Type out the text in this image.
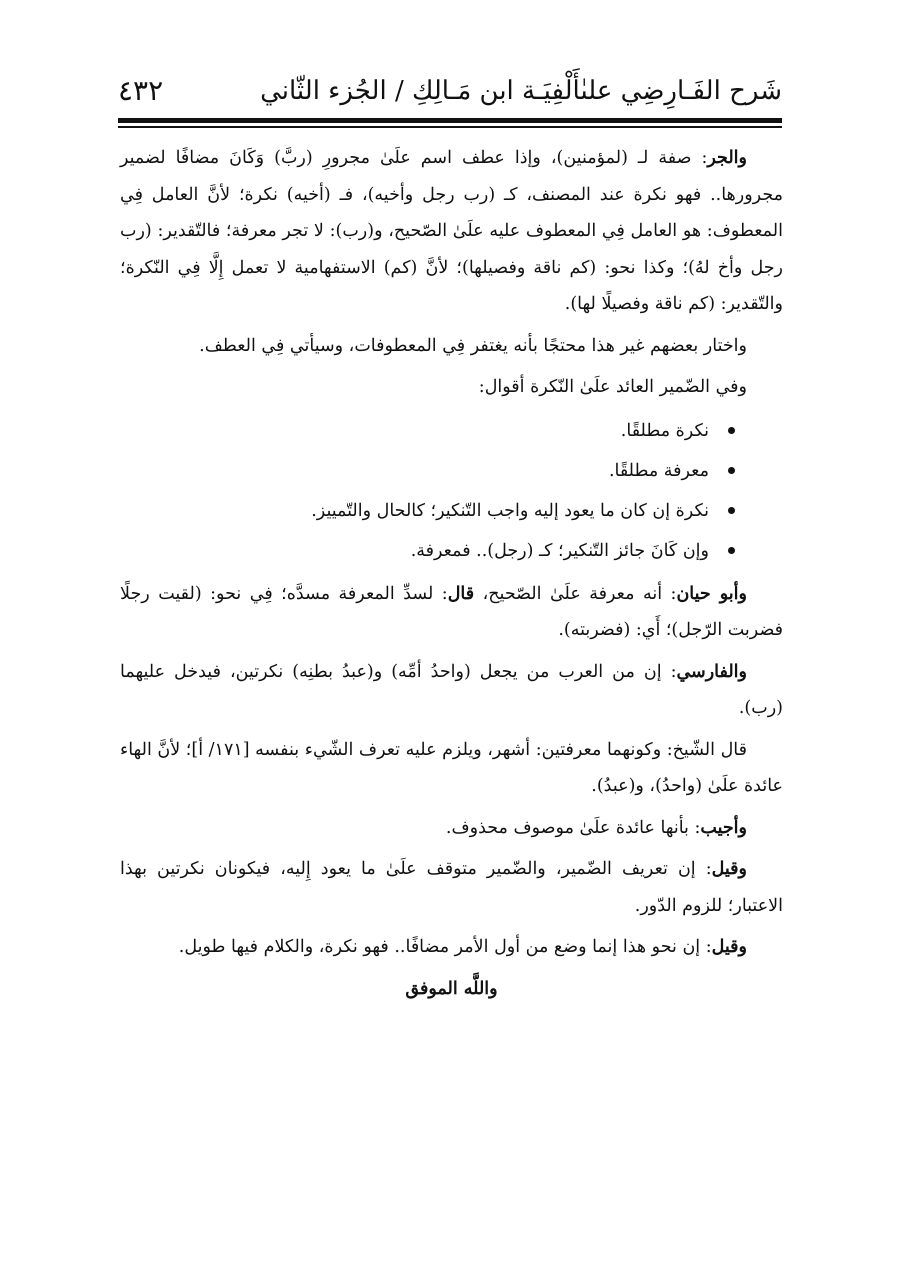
شَرح الفَـارِضِي علىٰأَلْفِيَـة ابن مَـالِكِ / الجُزء الثّاني
٤٣٢

والجر: صفة لـ (لمؤمنين)، وإذا عطف اسم علَىٰ مجرورِ (ربَّ) وَكَانَ مضافًا لضمير مجرورها.. فهو نكرة عند المصنف، كـ (رب رجل وأخيه)، فـ (أخيه) نكرة؛ لأنَّ العامل فِي المعطوف: هو العامل فِي المعطوف عليه علَىٰ الصّحيح، و(رب): لا تجر معرفة؛ فالتّقدير: (رب رجل وأخ لهُ)؛ وكذا نحو: (كم ناقة وفصيلها)؛ لأنَّ (كم) الاستفهامية لا تعمل إِلَّا فِي النّكرة؛ والتّقدير: (كم ناقة وفصيلًا لها).

واختار بعضهم غير هذا محتجًا بأنه يغتفر فِي المعطوفات، وسيأتي فِي العطف.

وفي الضّمير العائد علَىٰ النّكرة أقوال:

نكرة مطلقًا.
معرفة مطلقًا.
نكرة إن كان ما يعود إليه واجب التّنكير؛ كالحال والتّمييز.
وإن كَانَ جائز التّنكير؛ كـ (رجل).. فمعرفة.

وأبو حيان: أنه معرفة علَىٰ الصّحيح، قال: لسدِّ المعرفة مسدَّه؛ فِي نحو: (لقيت رجلًا فضربت الرّجل)؛ أَي: (فضربته).

والفارسي: إن من العرب من يجعل (واحدُ أمِّه) و(عبدُ بطنِه) نكرتين، فيدخل عليهما (رب).

قال الشّيخ: وكونهما معرفتين: أشهر، ويلزم عليه تعرف الشّيء بنفسه [١٧١/ أ]؛ لأنَّ الهاء عائدة علَىٰ (واحدُ)، و(عبدُ).

وأجيب: بأنها عائدة علَىٰ موصوف محذوف.

وقيل: إن تعريف الضّمير، والضّمير متوقف علَىٰ ما يعود إِليه، فيكونان نكرتين بهذا الاعتبار؛ للزوم الدّور.

وقيل: إن نحو هذا إنما وضع من أول الأمر مضافًا.. فهو نكرة، والكلام فيها طويل.

واللَّه الموفق
